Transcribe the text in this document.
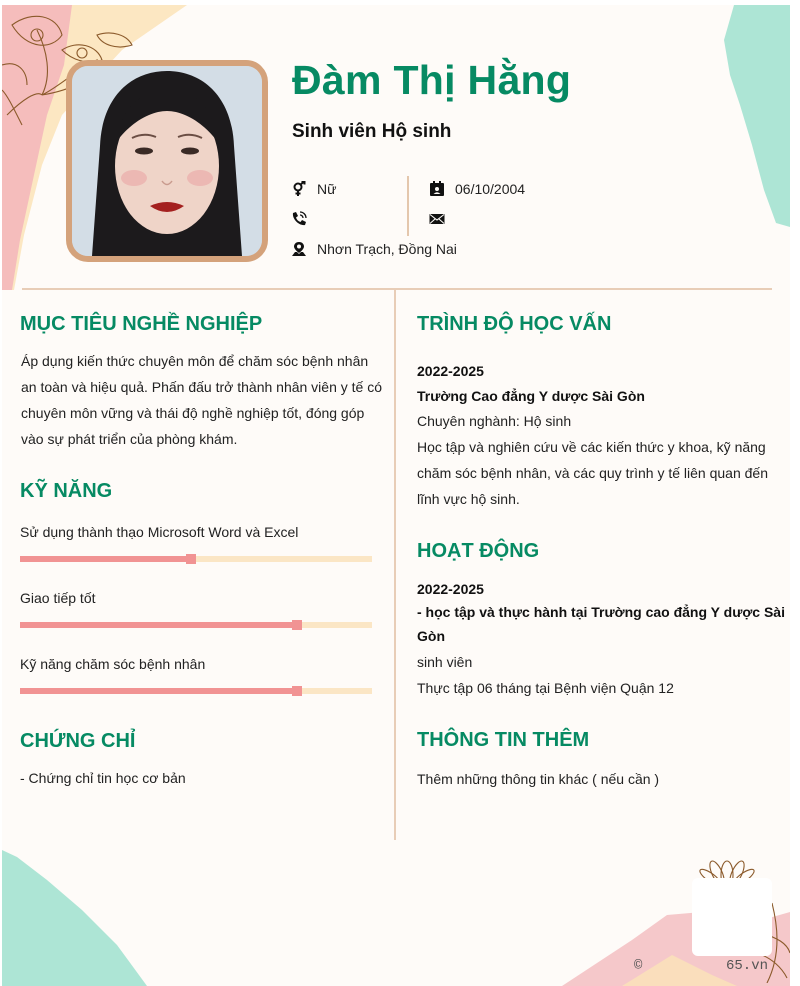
Đàm Thị Hằng
Sinh viên Hộ sinh
Nữ	06/10/2004
Nhơn Trạch, Đồng Nai
MỤC TIÊU NGHỀ NGHIỆP
Áp dụng kiến thức chuyên môn để chăm sóc bệnh nhân
an toàn và hiệu quả. Phấn đấu trở thành nhân viên y tế có
chuyên môn vững và thái độ nghề nghiệp tốt, đóng góp
vào sự phát triển của phòng khám.
KỸ NĂNG
Sử dụng thành thạo Microsoft Word và Excel
Giao tiếp tốt
Kỹ năng chăm sóc bệnh nhân
CHỨNG CHỈ
- Chứng chỉ tin học cơ bản
TRÌNH ĐỘ HỌC VẤN
2022-2025
Trường Cao đẳng Y dược Sài Gòn
Chuyên nghành: Hộ sinh
Học tập và nghiên cứu về các kiến thức y khoa, kỹ năng
chăm sóc bệnh nhân, và các quy trình y tế liên quan đến
lĩnh vực hộ sinh.
HOẠT ĐỘNG
2022-2025
- học tập và thực hành tại Trường cao đẳng Y dược Sài
Gòn
sinh viên
Thực tập 06 tháng tại Bệnh viện Quận 12
THÔNG TIN THÊM
Thêm những thông tin khác ( nếu cần )
©	65.vn
